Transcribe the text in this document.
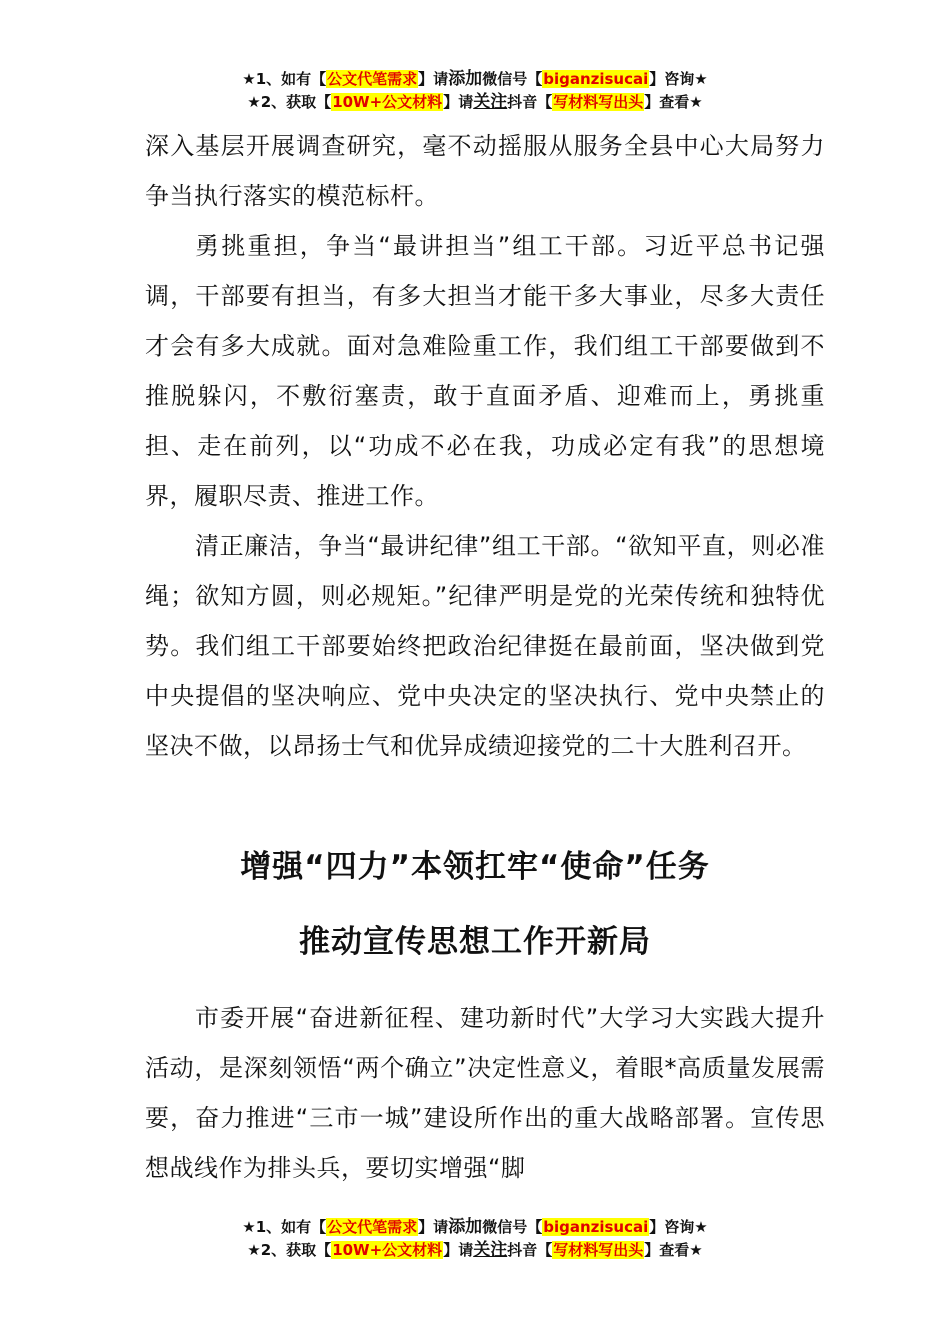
★1、如有【公文代笔需求】请添加微信号【biganzisucai】咨询★
★2、获取【10W+公文材料】请关注抖音【写材料写出头】查看★

深入基层开展调查研究，毫不动摇服从服务全县中心大局努力争当执行落实的模范标杆。

勇挑重担，争当“最讲担当”组工干部。习近平总书记强调，干部要有担当，有多大担当才能干多大事业，尽多大责任才会有多大成就。面对急难险重工作，我们组工干部要做到不推脱躲闪，不敷衍塞责，敢于直面矛盾、迎难而上，勇挑重担、走在前列，以“功成不必在我，功成必定有我”的思想境界，履职尽责、推进工作。

清正廉洁，争当“最讲纪律”组工干部。“欲知平直，则必准绳；欲知方圆，则必规矩。”纪律严明是党的光荣传统和独特优势。我们组工干部要始终把政治纪律挺在最前面，坚决做到党中央提倡的坚决响应、党中央决定的坚决执行、党中央禁止的坚决不做，以昂扬士气和优异成绩迎接党的二十大胜利召开。

增强“四力”本领扛牢“使命”任务
推动宣传思想工作开新局

市委开展“奋进新征程、建功新时代”大学习大实践大提升活动，是深刻领悟“两个确立”决定性意义，着眼*高质量发展需要，奋力推进“三市一城”建设所作出的重大战略部署。宣传思想战线作为排头兵，要切实增强“脚

★1、如有【公文代笔需求】请添加微信号【biganzisucai】咨询★
★2、获取【10W+公文材料】请关注抖音【写材料写出头】查看★
